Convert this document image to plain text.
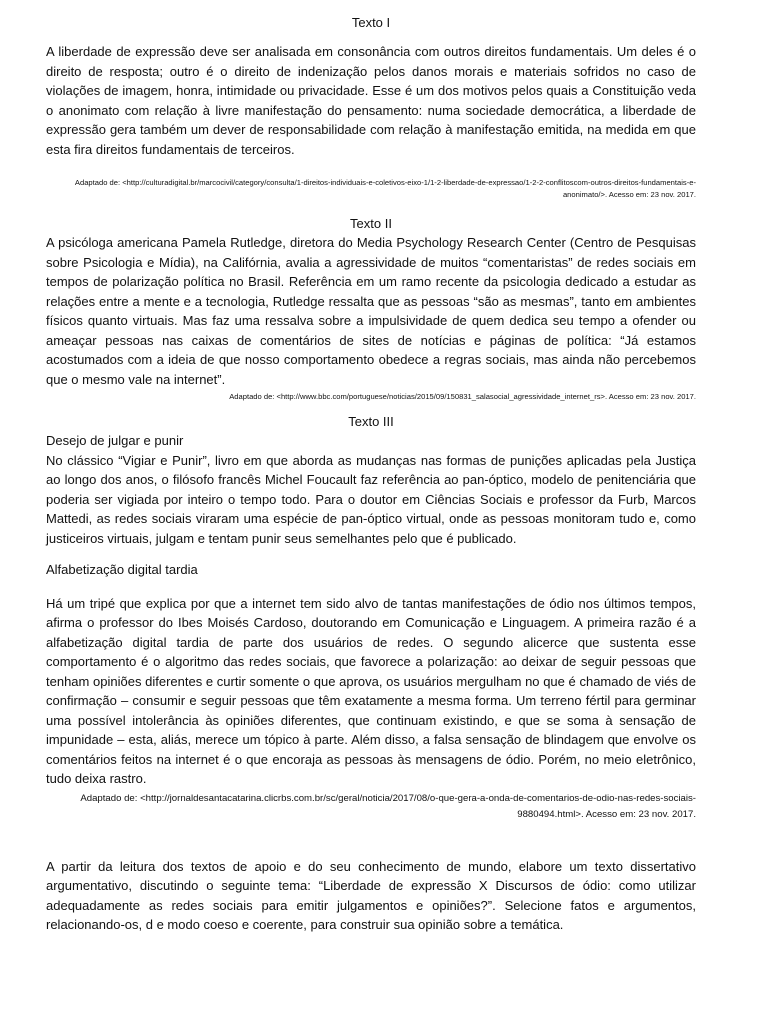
Texto I

A liberdade de expressão deve ser analisada em consonância com outros direitos fundamentais. Um deles é o direito de resposta; outro é o direito de indenização pelos danos morais e materiais sofridos no caso de violações de imagem, honra, intimidade ou privacidade. Esse é um dos motivos pelos quais a Constituição veda o anonimato com relação à livre manifestação do pensamento: numa sociedade democrática, a liberdade de expressão gera também um dever de responsabilidade com relação à manifestação emitida, na medida em que esta fira direitos fundamentais de terceiros.

Adaptado de: <http://culturadigital.br/marcocivil/category/consulta/1-direitos-individuais-e-coletivos-eixo-1/1-2-liberdade-de-expressao/1-2-2-conflitoscom-outros-direitos-fundamentais-e-anonimato/>. Acesso em: 23 nov. 2017.

Texto II

A psicóloga americana Pamela Rutledge, diretora do Media Psychology Research Center (Centro de Pesquisas sobre Psicologia e Mídia), na Califórnia, avalia a agressividade de muitos “comentaristas” de redes sociais em tempos de polarização política no Brasil. Referência em um ramo recente da psicologia dedicado a estudar as relações entre a mente e a tecnologia, Rutledge ressalta que as pessoas “são as mesmas”, tanto em ambientes físicos quanto virtuais. Mas faz uma ressalva sobre a impulsividade de quem dedica seu tempo a ofender ou ameaçar pessoas nas caixas de comentários de sites de notícias e páginas de política: “Já estamos acostumados com a ideia de que nosso comportamento obedece a regras sociais, mas ainda não percebemos que o mesmo vale na internet”.

Adaptado de: <http://www.bbc.com/portuguese/noticias/2015/09/150831_salasocial_agressividade_internet_rs>. Acesso em: 23 nov. 2017.

Texto III

Desejo de julgar e punir

No clássico “Vigiar e Punir”, livro em que aborda as mudanças nas formas de punições aplicadas pela Justiça ao longo dos anos, o filósofo francês Michel Foucault faz referência ao pan-óptico, modelo de penitenciária que poderia ser vigiada por inteiro o tempo todo. Para o doutor em Ciências Sociais e professor da Furb, Marcos Mattedi, as redes sociais viraram uma espécie de pan-óptico virtual, onde as pessoas monitoram tudo e, como justiceiros virtuais, julgam e tentam punir seus semelhantes pelo que é publicado.

Alfabetização digital tardia

Há um tripé que explica por que a internet tem sido alvo de tantas manifestações de ódio nos últimos tempos, afirma o professor do Ibes Moisés Cardoso, doutorando em Comunicação e Linguagem. A primeira razão é a alfabetização digital tardia de parte dos usuários de redes. O segundo alicerce que sustenta esse comportamento é o algoritmo das redes sociais, que favorece a polarização: ao deixar de seguir pessoas que tenham opiniões diferentes e curtir somente o que aprova, os usuários mergulham no que é chamado de viés de confirmação – consumir e seguir pessoas que têm exatamente a mesma forma. Um terreno fértil para germinar uma possível intolerância às opiniões diferentes, que continuam existindo, e que se soma à sensação de impunidade – esta, aliás, merece um tópico à parte. Além disso, a falsa sensação de blindagem que envolve os comentários feitos na internet é o que encoraja as pessoas às mensagens de ódio. Porém, no meio eletrônico, tudo deixa rastro.

Adaptado de: <http://jornaldesantacatarina.clicrbs.com.br/sc/geral/noticia/2017/08/o-que-gera-a-onda-de-comentarios-de-odio-nas-redes-sociais-9880494.html>. Acesso em: 23 nov. 2017.

A partir da leitura dos textos de apoio e do seu conhecimento de mundo, elabore um texto dissertativo argumentativo, discutindo o seguinte tema: “Liberdade de expressão X Discursos de ódio: como utilizar adequadamente as redes sociais para emitir julgamentos e opiniões?”. Selecione fatos e argumentos, relacionando-os, d e modo coeso e coerente, para construir sua opinião sobre a temática.
